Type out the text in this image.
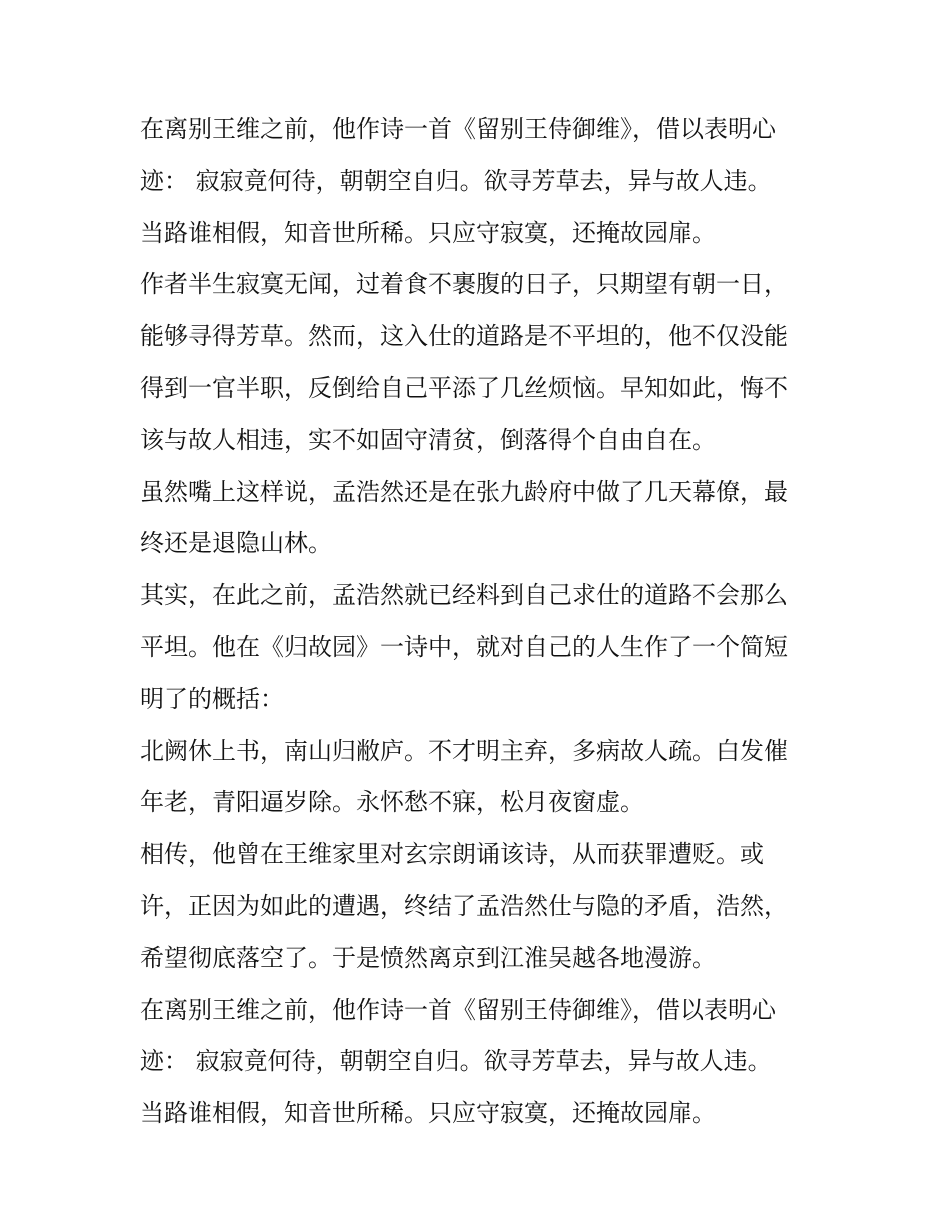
在离别王维之前，他作诗一首《留别王侍御维》，借以表明心
迹： 寂寂竟何待，朝朝空自归。欲寻芳草去，异与故人违。
当路谁相假，知音世所稀。只应守寂寞，还掩故园扉。
作者半生寂寞无闻，过着食不裹腹的日子，只期望有朝一日，
能够寻得芳草。然而，这入仕的道路是不平坦的，他不仅没能
得到一官半职，反倒给自己平添了几丝烦恼。早知如此，悔不
该与故人相违，实不如固守清贫，倒落得个自由自在。
虽然嘴上这样说，孟浩然还是在张九龄府中做了几天幕僚，最
终还是退隐山林。
其实，在此之前，孟浩然就已经料到自己求仕的道路不会那么
平坦。他在《归故园》一诗中，就对自己的人生作了一个简短
明了的概括：
北阙休上书，南山归敝庐。不才明主弃，多病故人疏。白发催
年老，青阳逼岁除。永怀愁不寐，松月夜窗虚。
相传，他曾在王维家里对玄宗朗诵该诗，从而获罪遭贬。或
许，正因为如此的遭遇，终结了孟浩然仕与隐的矛盾，浩然，
希望彻底落空了。于是愤然离京到江淮吴越各地漫游。
在离别王维之前，他作诗一首《留别王侍御维》，借以表明心
迹： 寂寂竟何待，朝朝空自归。欲寻芳草去，异与故人违。
当路谁相假，知音世所稀。只应守寂寞，还掩故园扉。
